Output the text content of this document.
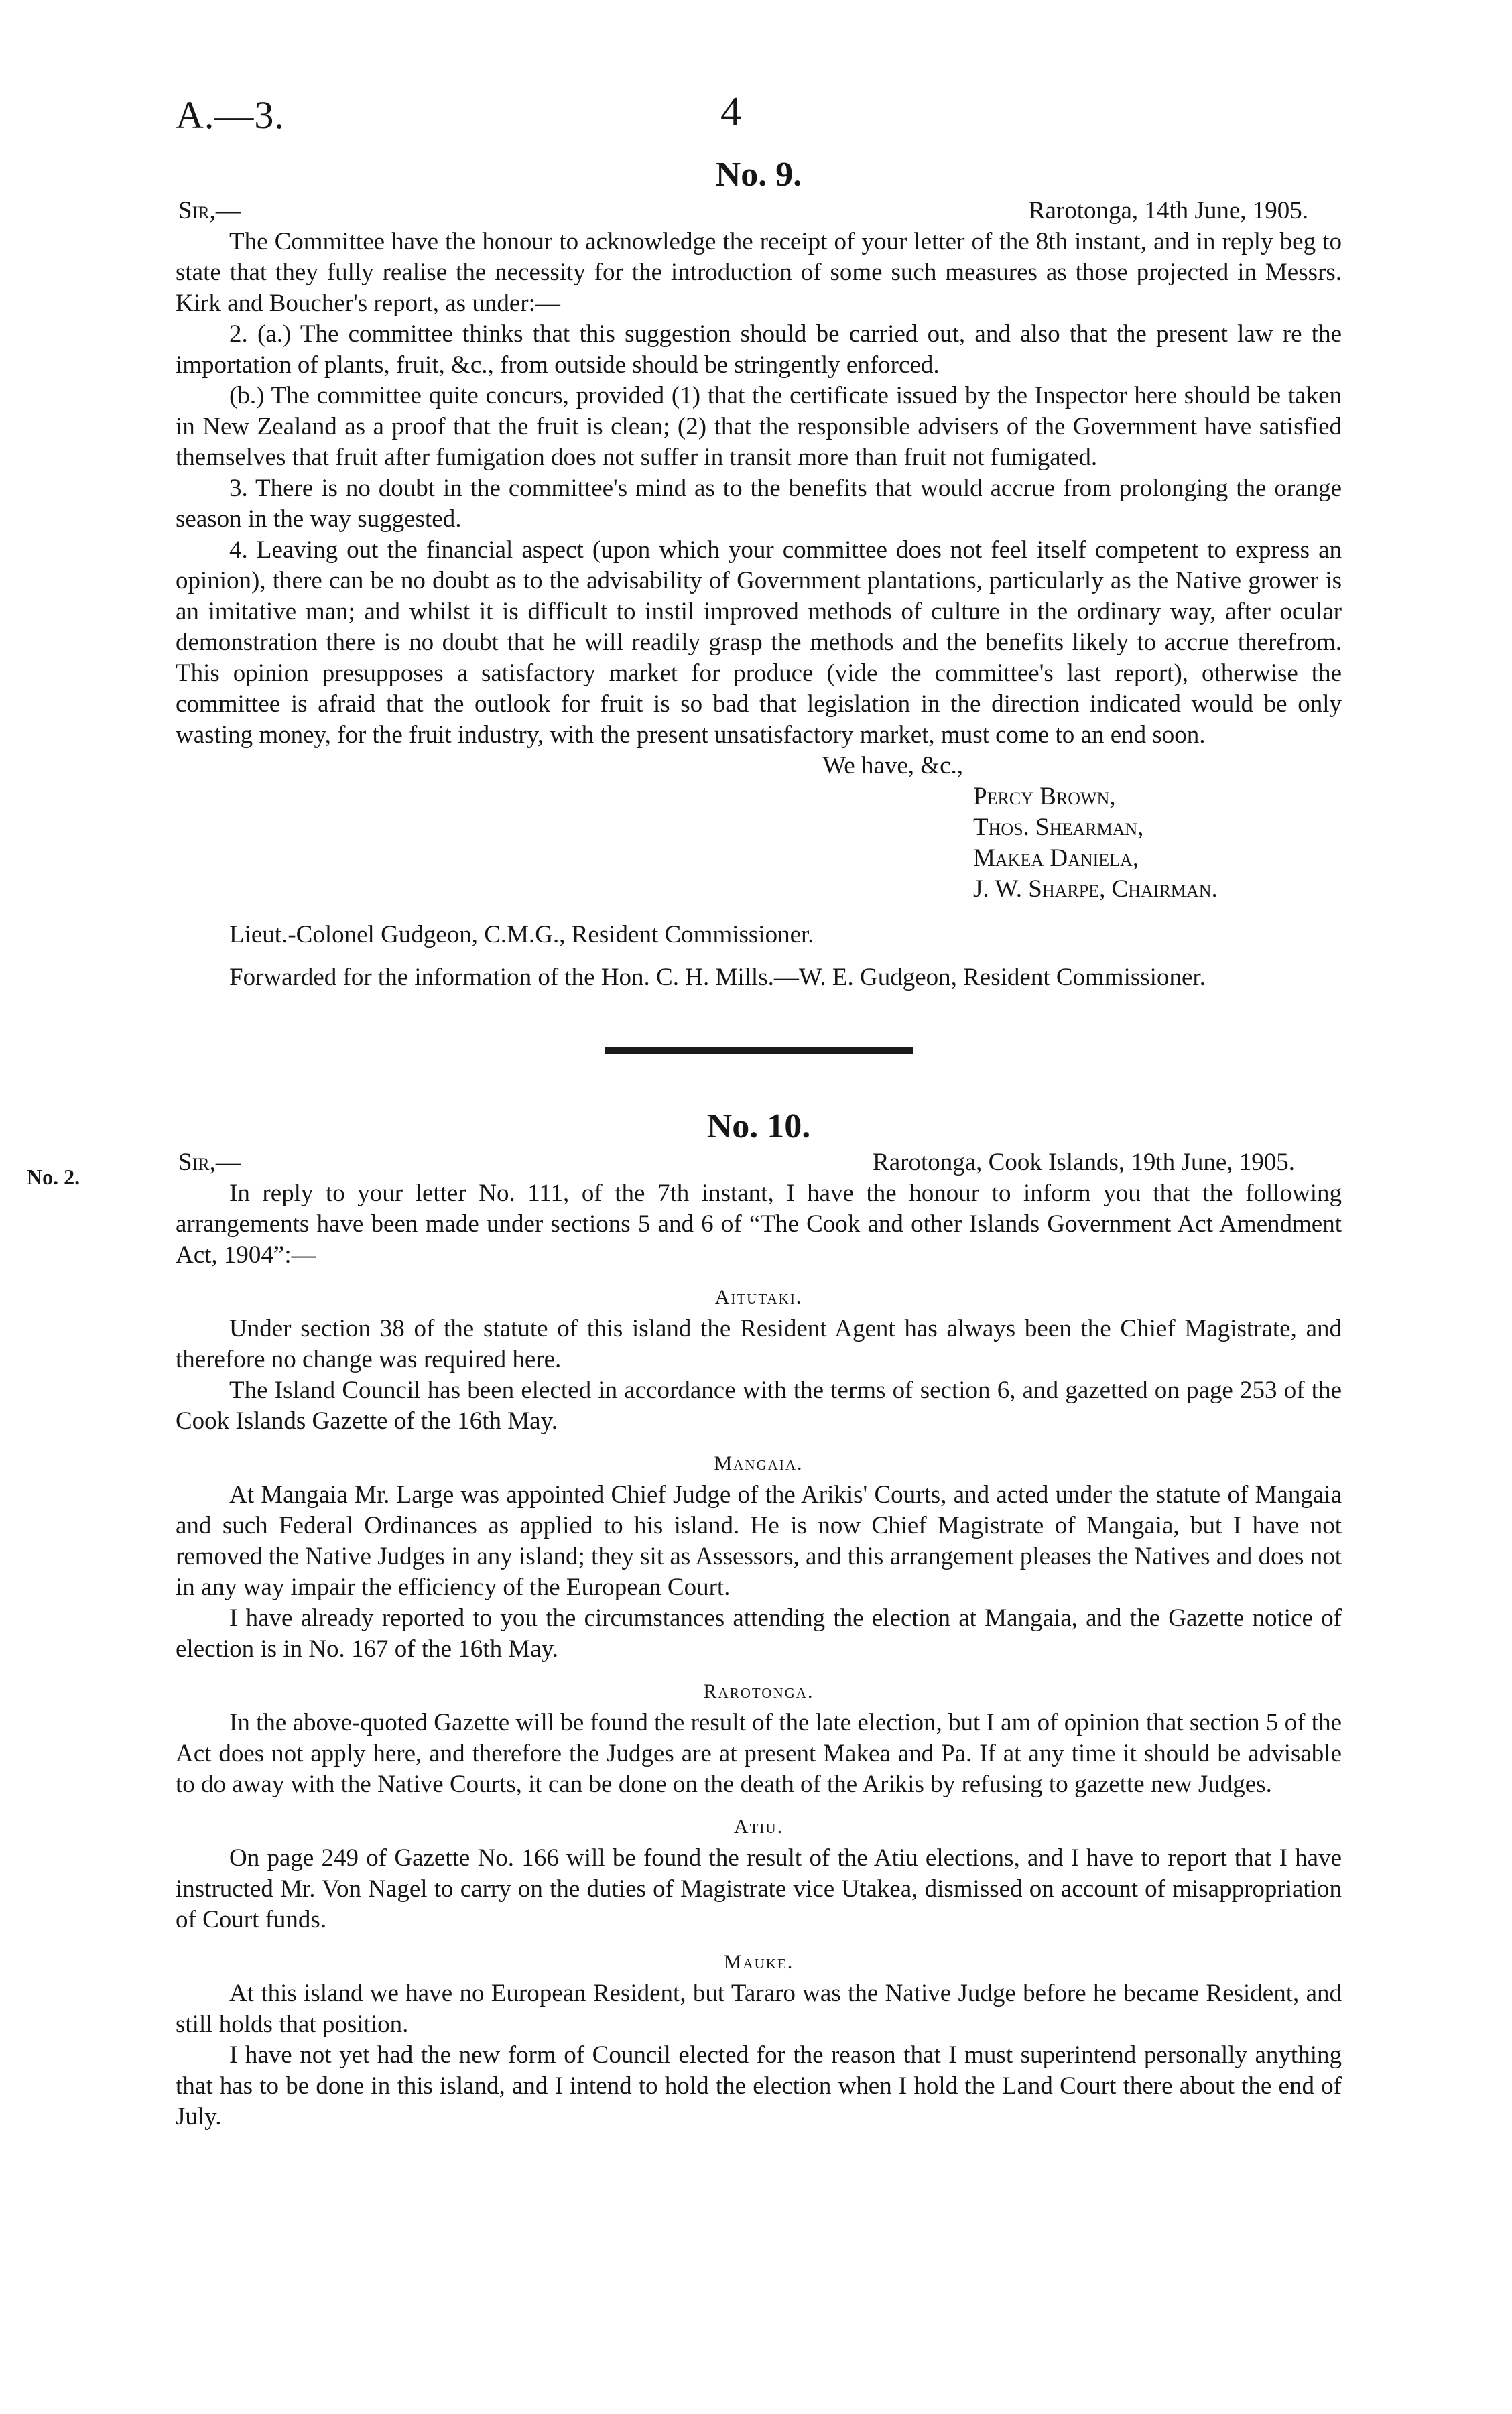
A.—3.	4
No. 2.
No. 9.
Sir,—	Rarotonga, 14th June, 1905.

The Committee have the honour to acknowledge the receipt of your letter of the 8th instant, and in reply beg to state that they fully realise the necessity for the introduction of some such measures as those projected in Messrs. Kirk and Boucher's report, as under:—

2. (a.) The committee thinks that this suggestion should be carried out, and also that the present law re the importation of plants, fruit, &c., from outside should be stringently enforced.

(b.) The committee quite concurs, provided (1) that the certificate issued by the Inspector here should be taken in New Zealand as a proof that the fruit is clean; (2) that the responsible advisers of the Government have satisfied themselves that fruit after fumigation does not suffer in transit more than fruit not fumigated.

3. There is no doubt in the committee's mind as to the benefits that would accrue from prolonging the orange season in the way suggested.

4. Leaving out the financial aspect (upon which your committee does not feel itself competent to express an opinion), there can be no doubt as to the advisability of Government plantations, particularly as the Native grower is an imitative man; and whilst it is difficult to instil improved methods of culture in the ordinary way, after ocular demonstration there is no doubt that he will readily grasp the methods and the benefits likely to accrue therefrom. This opinion presupposes a satisfactory market for produce (vide the committee's last report), otherwise the committee is afraid that the outlook for fruit is so bad that legislation in the direction indicated would be only wasting money, for the fruit industry, with the present unsatisfactory market, must come to an end soon.

We have, &c.,
Percy Brown,
Thos. Shearman,
Makea Daniela,
J. W. Sharpe, Chairman.
Lieut.-Colonel Gudgeon, C.M.G., Resident Commissioner.
Forwarded for the information of the Hon. C. H. Mills.—W. E. Gudgeon, Resident Commissioner.
No. 10.
Sir,—	Rarotonga, Cook Islands, 19th June, 1905.

In reply to your letter No. 111, of the 7th instant, I have the honour to inform you that the following arrangements have been made under sections 5 and 6 of “The Cook and other Islands Government Act Amendment Act, 1904”:—

Aitutaki.

Under section 38 of the statute of this island the Resident Agent has always been the Chief Magistrate, and therefore no change was required here.

The Island Council has been elected in accordance with the terms of section 6, and gazetted on page 253 of the Cook Islands Gazette of the 16th May.

Mangaia.

At Mangaia Mr. Large was appointed Chief Judge of the Arikis' Courts, and acted under the statute of Mangaia and such Federal Ordinances as applied to his island. He is now Chief Magistrate of Mangaia, but I have not removed the Native Judges in any island; they sit as Assessors, and this arrangement pleases the Natives and does not in any way impair the efficiency of the European Court.

I have already reported to you the circumstances attending the election at Mangaia, and the Gazette notice of election is in No. 167 of the 16th May.

Rarotonga.

In the above-quoted Gazette will be found the result of the late election, but I am of opinion that section 5 of the Act does not apply here, and therefore the Judges are at present Makea and Pa. If at any time it should be advisable to do away with the Native Courts, it can be done on the death of the Arikis by refusing to gazette new Judges.

Atiu.

On page 249 of Gazette No. 166 will be found the result of the Atiu elections, and I have to report that I have instructed Mr. Von Nagel to carry on the duties of Magistrate vice Utakea, dismissed on account of misappropriation of Court funds.

Mauke.

At this island we have no European Resident, but Tararo was the Native Judge before he became Resident, and still holds that position.

I have not yet had the new form of Council elected for the reason that I must superintend personally anything that has to be done in this island, and I intend to hold the election when I hold the Land Court there about the end of July.
